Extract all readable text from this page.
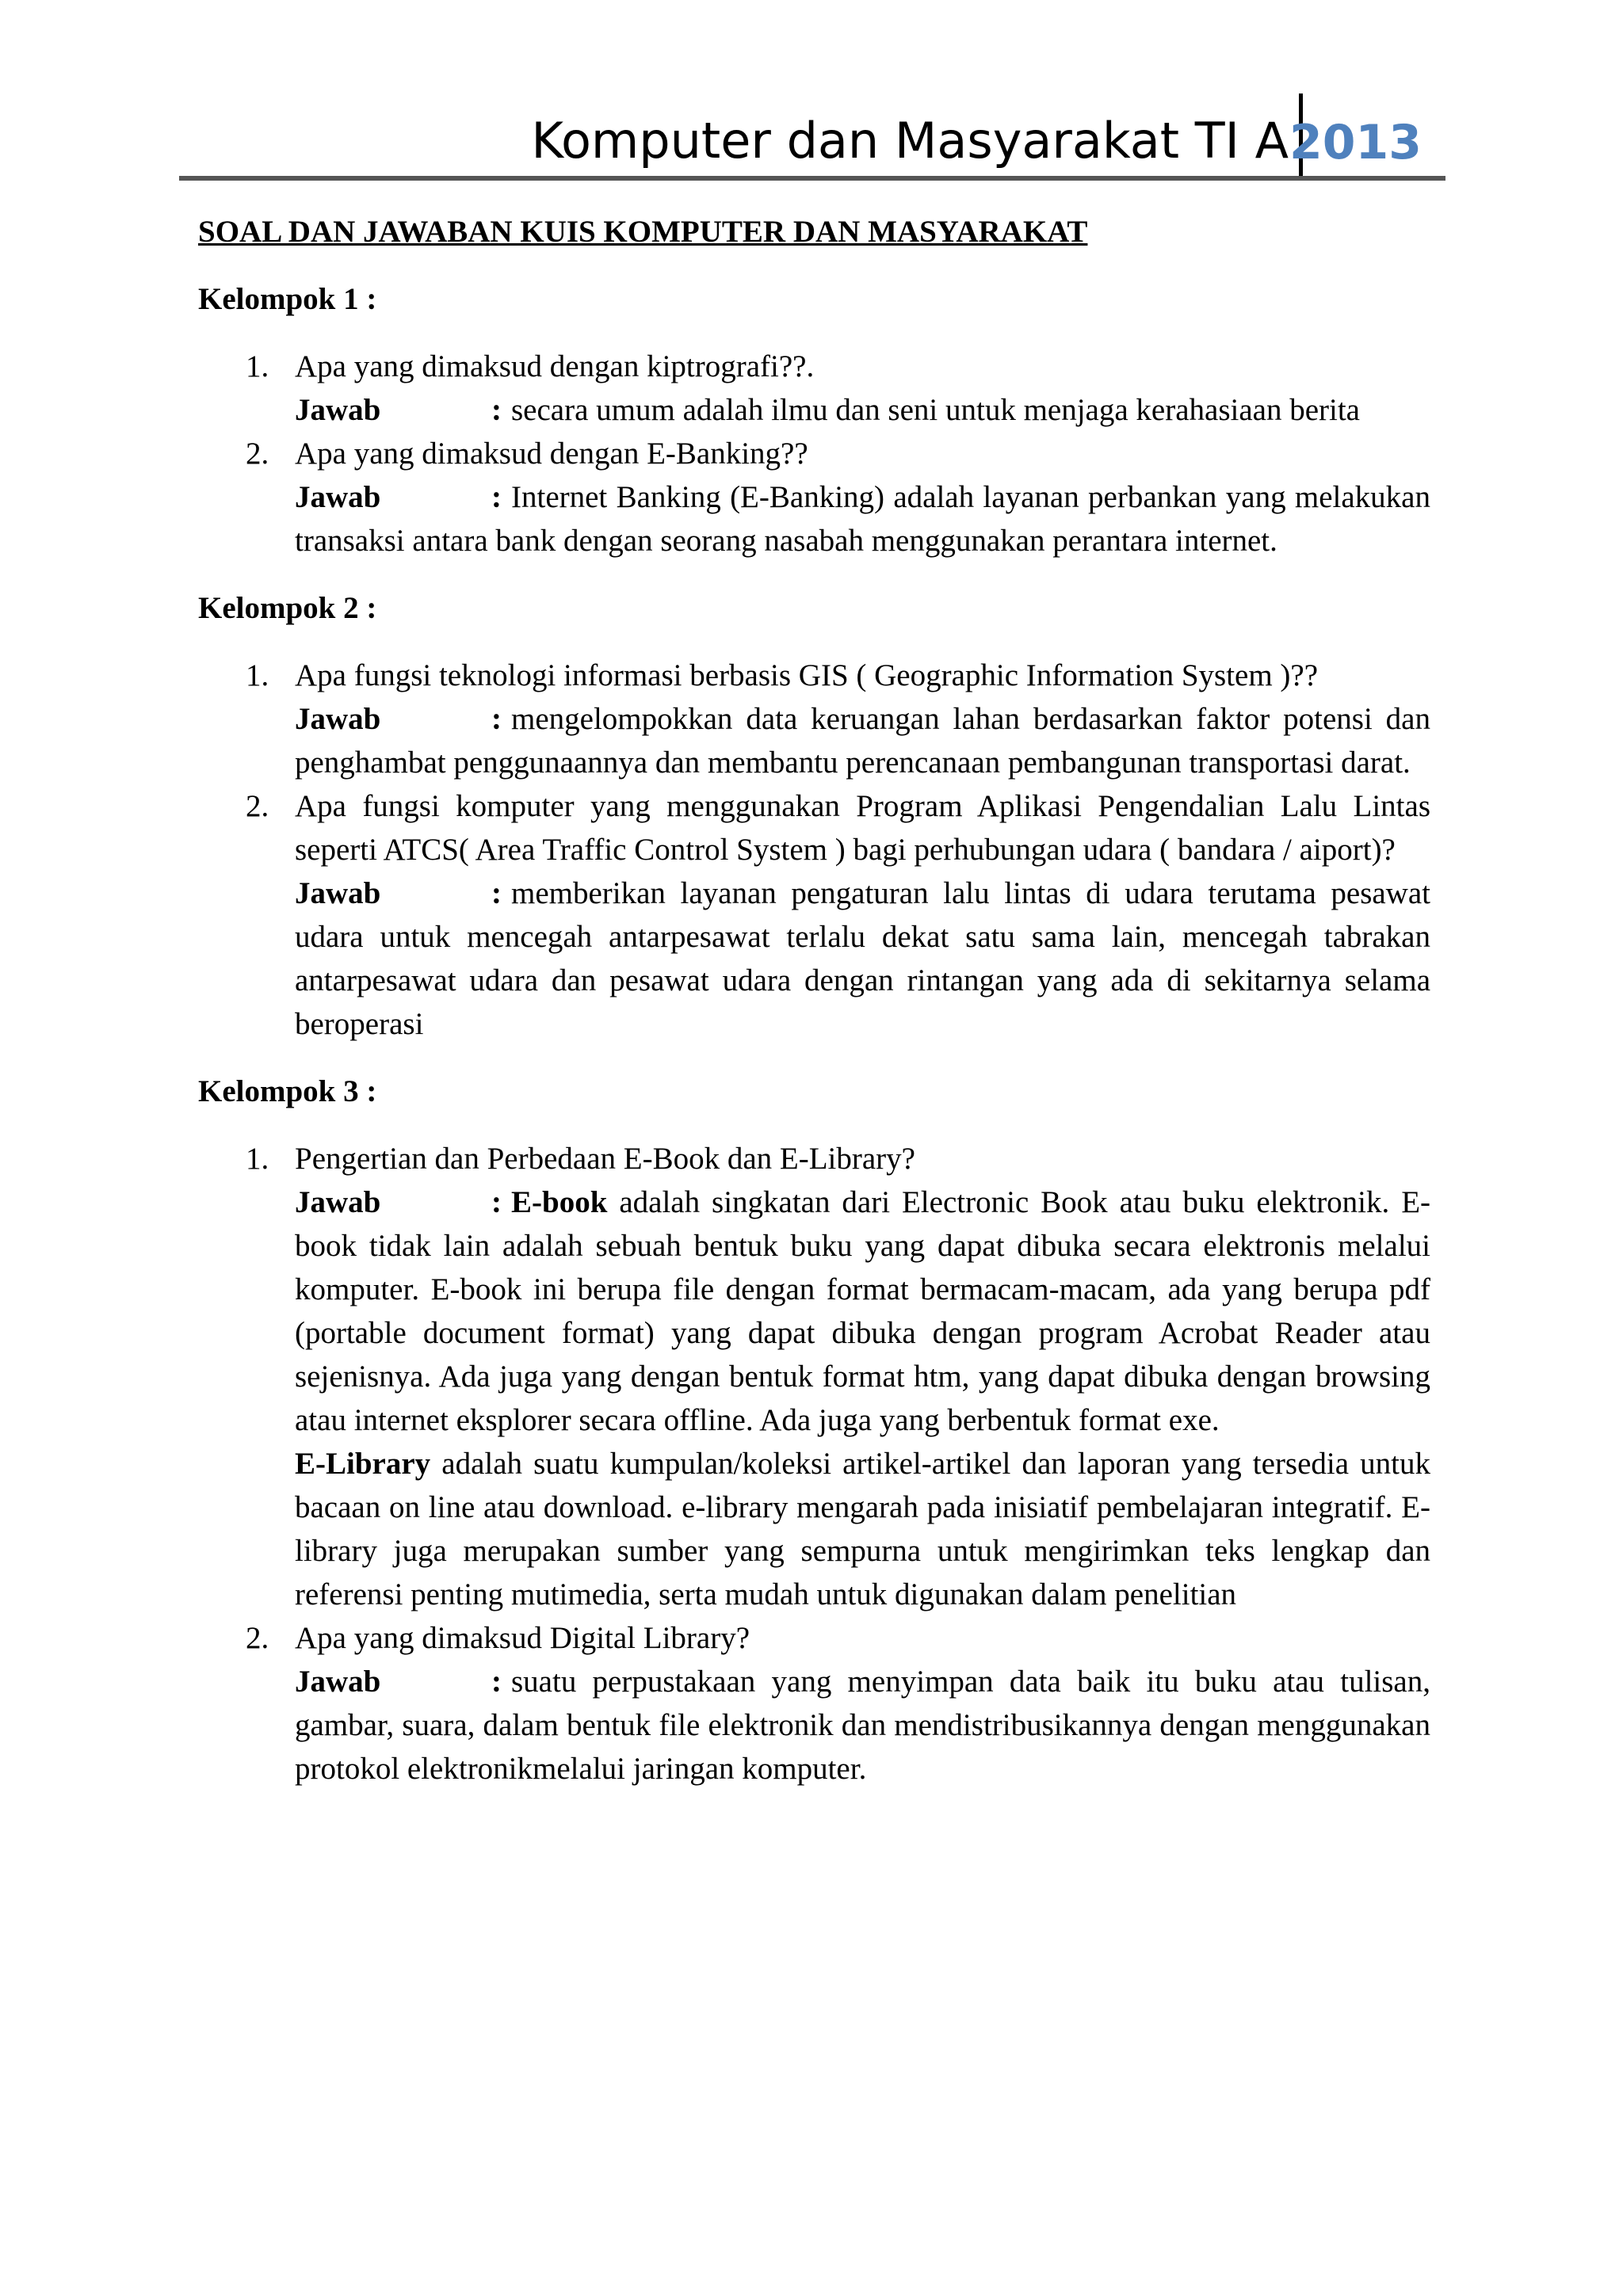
Komputer dan Masyarakat TI A 2013
SOAL DAN JAWABAN KUIS KOMPUTER DAN MASYARAKAT
Kelompok 1 :
1. Apa yang dimaksud dengan kiptrografi??.
Jawab	: secara umum adalah ilmu dan seni untuk menjaga kerahasiaan berita
2. Apa yang dimaksud dengan E-Banking??
Jawab	: Internet Banking (E-Banking) adalah layanan perbankan yang melakukan transaksi antara bank dengan seorang nasabah menggunakan perantara internet.
Kelompok 2 :
1. Apa fungsi teknologi informasi berbasis GIS ( Geographic Information System )??
Jawab	: mengelompokkan data keruangan lahan berdasarkan faktor potensi dan penghambat penggunaannya dan membantu perencanaan pembangunan transportasi darat.
2. Apa fungsi komputer yang menggunakan Program Aplikasi Pengendalian Lalu Lintas seperti ATCS( Area Traffic Control System ) bagi perhubungan udara ( bandara / aiport)?
Jawab	: memberikan layanan pengaturan lalu lintas di udara terutama pesawat udara untuk mencegah antarpesawat terlalu dekat satu sama lain, mencegah tabrakan antarpesawat udara dan pesawat udara dengan rintangan yang ada di sekitarnya selama beroperasi
Kelompok 3 :
1. Pengertian dan Perbedaan E-Book dan E-Library?
Jawab	: E-book adalah singkatan dari Electronic Book atau buku elektronik. E-book tidak lain adalah sebuah bentuk buku yang dapat dibuka secara elektronis melalui komputer. E-book ini berupa file dengan format bermacam-macam, ada yang berupa pdf (portable document format) yang dapat dibuka dengan program Acrobat Reader atau sejenisnya. Ada juga yang dengan bentuk format htm, yang dapat dibuka dengan browsing atau internet eksplorer secara offline. Ada juga yang berbentuk format exe.
E-Library adalah suatu kumpulan/koleksi artikel-artikel dan laporan yang tersedia untuk bacaan on line atau download. e-library mengarah pada inisiatif pembelajaran integratif. E-library juga merupakan sumber yang sempurna untuk mengirimkan teks lengkap dan referensi penting mutimedia, serta mudah untuk digunakan dalam penelitian
2. Apa yang dimaksud Digital Library?
Jawab	: suatu perpustakaan yang menyimpan data baik itu buku atau tulisan, gambar, suara, dalam bentuk file elektronik dan mendistribusikannya dengan menggunakan protokol elektronikmelalui jaringan komputer.
